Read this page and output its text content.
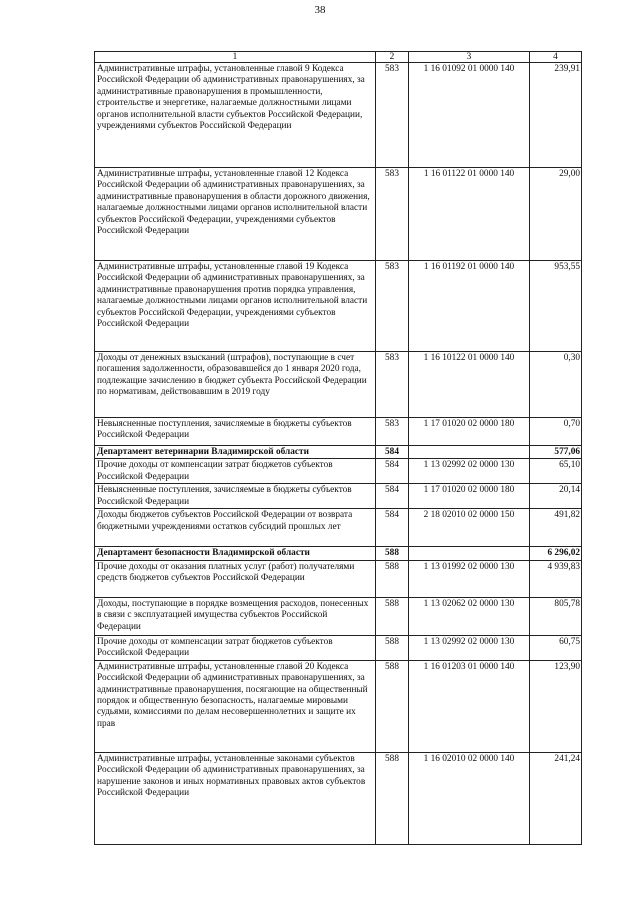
38
1	2	3	4
Административные штрафы, установленные главой 9 Кодекса Российской Федерации об административных правонарушениях, за административные правонарушения в промышленности, строительстве и энергетике, налагаемые должностными лицами органов исполнительной власти субъектов Российской Федерации, учреждениями субъектов Российской Федерации	583	1 16 01092 01 0000 140	239,91
Административные штрафы, установленные главой 12 Кодекса Российской Федерации об административных правонарушениях, за административные правонарушения в области дорожного движения, налагаемые должностными лицами органов исполнительной власти субъектов Российской Федерации, учреждениями субъектов Российской Федерации	583	1 16 01122 01 0000 140	29,00
Административные штрафы, установленные главой 19 Кодекса Российской Федерации об административных правонарушениях, за административные правонарушения против порядка управления, налагаемые должностными лицами органов исполнительной власти субъектов Российской Федерации, учреждениями субъектов Российской Федерации	583	1 16 01192 01 0000 140	953,55
Доходы от денежных взысканий (штрафов), поступающие в счет погашения задолженности, образовавшейся до 1 января 2020 года, подлежащие зачислению в бюджет субъекта Российской Федерации по нормативам, действовавшим в 2019 году	583	1 16 10122 01 0000 140	0,30
Невыясненные поступления, зачисляемые в бюджеты субъектов Российской Федерации	583	1 17 01020 02 0000 180	0,70
Департамент ветеринарии Владимирской области	584		577,06
Прочие доходы от компенсации затрат бюджетов субъектов Российской Федерации	584	1 13 02992 02 0000 130	65,10
Невыясненные поступления, зачисляемые в бюджеты субъектов Российской Федерации	584	1 17 01020 02 0000 180	20,14
Доходы бюджетов субъектов Российской Федерации от возврата бюджетными учреждениями остатков субсидий прошлых лет	584	2 18 02010 02 0000 150	491,82
Департамент безопасности Владимирской области	588		6 296,02
Прочие доходы от оказания платных услуг (работ) получателями средств бюджетов субъектов Российской Федерации	588	1 13 01992 02 0000 130	4 939,83
Доходы, поступающие в порядке возмещения расходов, понесенных в связи с эксплуатацией имущества субъектов Российской Федерации	588	1 13 02062 02 0000 130	805,78
Прочие доходы от компенсации затрат бюджетов субъектов Российской Федерации	588	1 13 02992 02 0000 130	60,75
Административные штрафы, установленные главой 20 Кодекса Российской Федерации об административных правонарушениях, за административные правонарушения, посягающие на общественный порядок и общественную безопасность, налагаемые мировыми судьями, комиссиями по делам несовершеннолетних и защите их прав	588	1 16 01203 01 0000 140	123,90
Административные штрафы, установленные законами субъектов Российской Федерации об административных правонарушениях, за нарушение законов и иных нормативных правовых актов субъектов Российской Федерации	588	1 16 02010 02 0000 140	241,24
